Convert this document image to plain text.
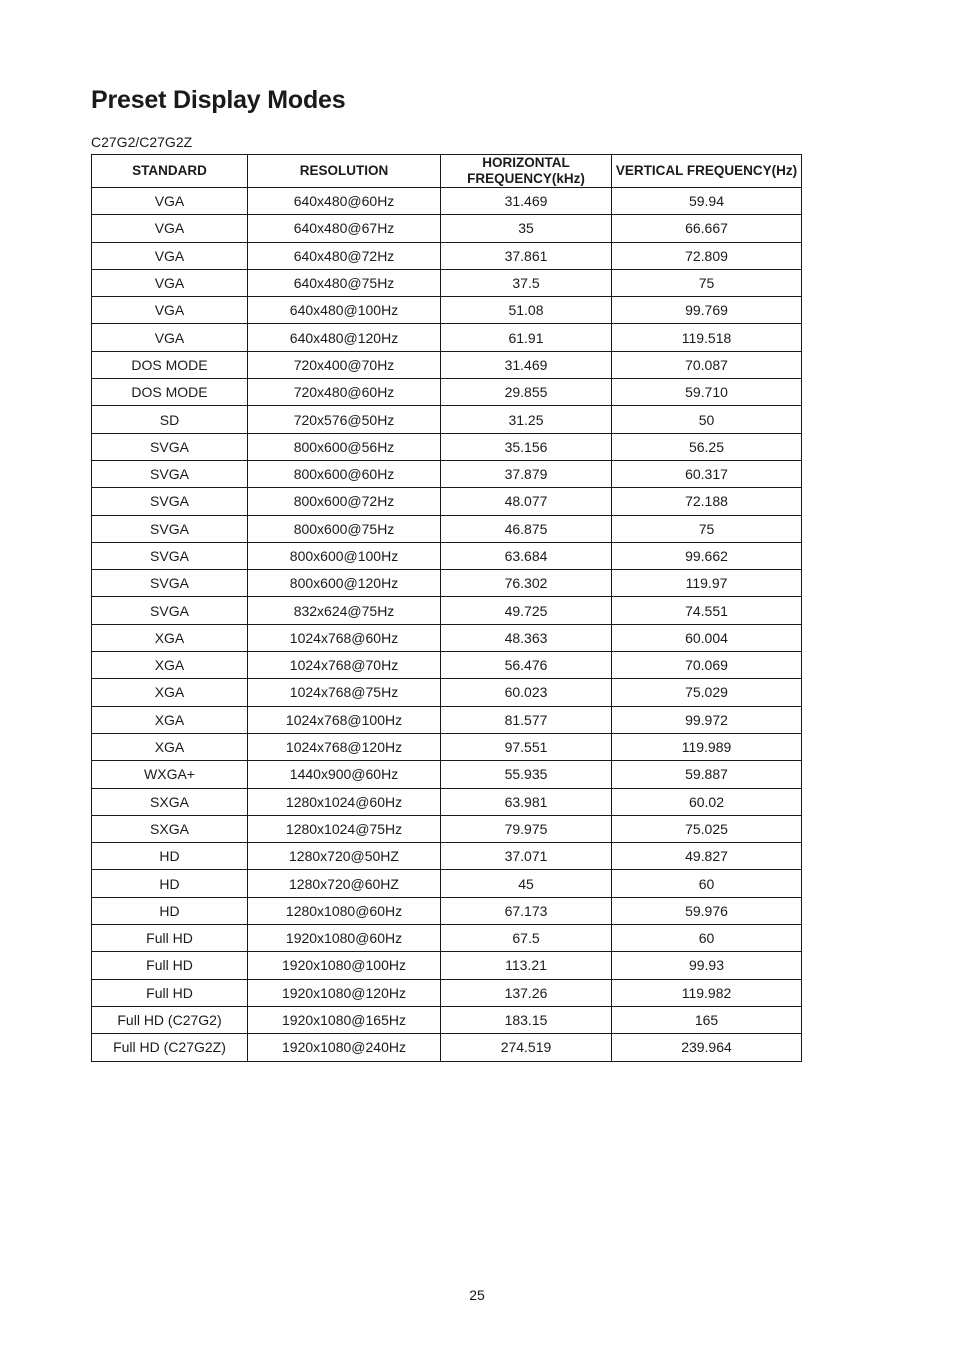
Preset Display Modes
C27G2/C27G2Z
STANDARD	RESOLUTION	HORIZONTAL FREQUENCY(kHz)	VERTICAL FREQUENCY(Hz)
VGA	640x480@60Hz	31.469	59.94
VGA	640x480@67Hz	35	66.667
VGA	640x480@72Hz	37.861	72.809
VGA	640x480@75Hz	37.5	75
VGA	640x480@100Hz	51.08	99.769
VGA	640x480@120Hz	61.91	119.518
DOS MODE	720x400@70Hz	31.469	70.087
DOS MODE	720x480@60Hz	29.855	59.710
SD	720x576@50Hz	31.25	50
SVGA	800x600@56Hz	35.156	56.25
SVGA	800x600@60Hz	37.879	60.317
SVGA	800x600@72Hz	48.077	72.188
SVGA	800x600@75Hz	46.875	75
SVGA	800x600@100Hz	63.684	99.662
SVGA	800x600@120Hz	76.302	119.97
SVGA	832x624@75Hz	49.725	74.551
XGA	1024x768@60Hz	48.363	60.004
XGA	1024x768@70Hz	56.476	70.069
XGA	1024x768@75Hz	60.023	75.029
XGA	1024x768@100Hz	81.577	99.972
XGA	1024x768@120Hz	97.551	119.989
WXGA+	1440x900@60Hz	55.935	59.887
SXGA	1280x1024@60Hz	63.981	60.02
SXGA	1280x1024@75Hz	79.975	75.025
HD	1280x720@50HZ	37.071	49.827
HD	1280x720@60HZ	45	60
HD	1280x1080@60Hz	67.173	59.976
Full HD	1920x1080@60Hz	67.5	60
Full HD	1920x1080@100Hz	113.21	99.93
Full HD	1920x1080@120Hz	137.26	119.982
Full HD (C27G2)	1920x1080@165Hz	183.15	165
Full HD (C27G2Z)	1920x1080@240Hz	274.519	239.964
25
